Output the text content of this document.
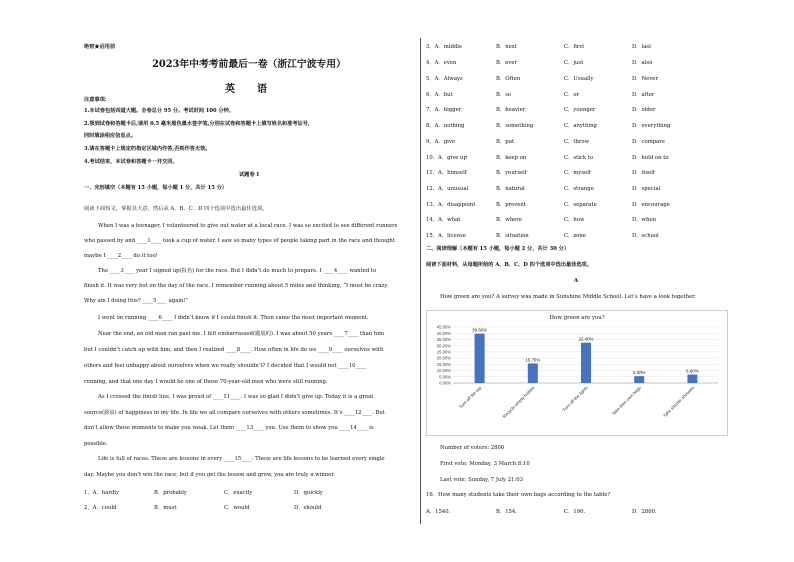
绝密★启用前
2023年中考考前最后一卷（浙江宁波专用）
英　语
注意事项:
1.本试卷包括四道大题。全卷总分 95 分。考试时间 100 分钟。
2.领到试卷和答题卡后,请用 0.5 毫米黑色墨水签字笔,分别在试卷和答题卡上填写姓名和准考证号,
同时填涂相应信息点。
3.请在答题卡上规定的指定区域内作答,否则作答无效。
4.考试结束，本试卷和答题卡一并交回。
试题卷 I
一、完形填空（本题有 15 小题，每小题 1 分，共计 15 分）
阅读下面短文，掌握其大意，然后从 A、B、C、D 四个选项中选出最佳选项。
When I was a teenager, I volunteered to give out water at a local race. I was so excited to see different runners
who passed by and ____1____ took a cup of water. I saw so many types of people taking part in the race and thought
maybe I ____2____ do it too!
The ____3____ year I signed up(报名) for the race. But I didn’t do much to prepare. I ____4____ wanted to
finish it. It was very hot on the day of the race. I remember running about 5 miles and thinking, “I must be crazy.
Why am I doing this? ____5____ again!”
I went on running ____6____ I didn’t know if I could finish it. Then came the most important moment.
Near the end, an old man ran past me. I felt embarrassed(尴尬的). I was about 50 years ____7____ than him
but I couldn’t catch up with him, and then I realized ____8____. How often in life do we ____9____ ourselves with
others and feel unhappy about ourselves when we really shouldn’t? I decided that I would not ____10____
running, and that one day I would be one of those 70-year-old men who were still running.
As I crossed the finish line, I was proud of ____11____. I was so glad I didn’t give up. Today it is a great
source(源泉) of happiness in my life. In life we all compare ourselves with others sometimes. It’s ____12____. But
don’t allow those moments to make you weak. Let them ____13____ you. Use them to show you ____14____ is
possible.
Life is full of races. These are lessons in every ____15____. These are life lessons to be learned every single
day. Maybe you don’t win the race, but if you get the lesson and grow, you are truly a winner.
1、A．hardly	B．probably	C．exactly	D．quickly
2、A．could	B．must	C．would	D．should
3、A．middle	B．next	C．first	D．last
4、A．even	B．ever	C．just	D．also
5、A．Always	B．Often	C．Usually	D．Never
6、A．but	B．so	C．or	D．after
7、A．bigger	B．heavier	C．younger	D．older
8、A．nothing	B．something	C．anything	D．everything
9、A．give	B．put	C．throw	D．compare
10、A．give up	B．keep on	C．stick to	D．hold on to
11、A．himself	B．yourself	C．myself	D．itself
12、A．unusual	B．natural	C．strange	D．special
13、A．disappoint	B．prevent	C．separate	D．encourage
14、A．what	B．where	C．how	D．when
15、A．license	B．situation	C．zone	D．school
二、阅读理解（本题有 15 小题，每小题 2 分，共计 30 分）
阅读下面材料，从每题所给的 A、B、C、D 四个选项中选出最佳选项。
A
How green are you? A survey was made in Sunshine Middle School. Let’s have a look together.
How green are you?
0.00%
5.00%
10.00%
15.00%
20.00%
25.00%
30.00%
35.00%
40.00%
45.00%
39.60%
Turn off the tap
15.70%
Recycle empty bottles
32.40%
Turn off the lights
5.50%
Take their own bags
6.80%
Take shorter showers
Number of voters: 2800
First vote: Monday, 3 March 8:10
Last vote: Sunday, 7 July 21:03
16．How many students take their own bags according to the table?
A．1540.	B．154.	C．190.	D．2800.
